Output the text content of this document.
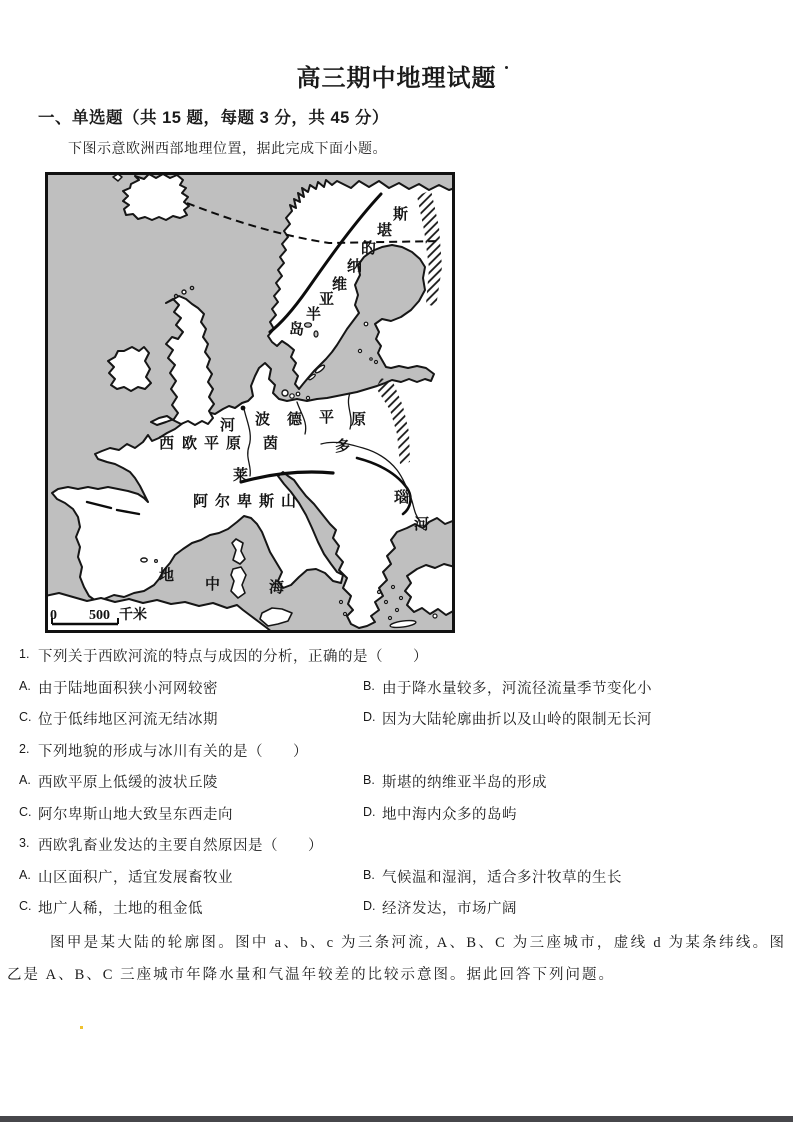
高三期中地理试题
一、单选题（共 15 题，每题 3 分，共 45 分）
下图示意欧洲西部地理位置，据此完成下面小题。
斯
堪
的
纳
维
亚
半
岛
波 德 平 原
西 欧 平 原
河
茵
莱
阿 尔 卑 斯 山
多
瑙
河
地
中	海
0 500 千米
1. 下列关于西欧河流的特点与成因的分析，正确的是（　　）
A. 由于陆地面积狭小河网较密	B. 由于降水量较多，河流径流量季节变化小
C. 位于低纬地区河流无结冰期	D. 因为大陆轮廓曲折以及山岭的限制无长河
2. 下列地貌的形成与冰川有关的是（　　）
A. 西欧平原上低缓的波状丘陵	B. 斯堪的纳维亚半岛的形成
C. 阿尔卑斯山地大致呈东西走向	D. 地中海内众多的岛屿
3. 西欧乳畜业发达的主要自然原因是（　　）
A. 山区面积广，适宜发展畜牧业	B. 气候温和湿润，适合多汁牧草的生长
C. 地广人稀，土地的租金低	D. 经济发达，市场广阔
图甲是某大陆的轮廓图。图中 a、b、c 为三条河流, A、B、C 为三座城市，虚线 d 为某条纬线。图乙是 A、B、C 三座城市年降水量和气温年较差的比较示意图。据此回答下列问题。
